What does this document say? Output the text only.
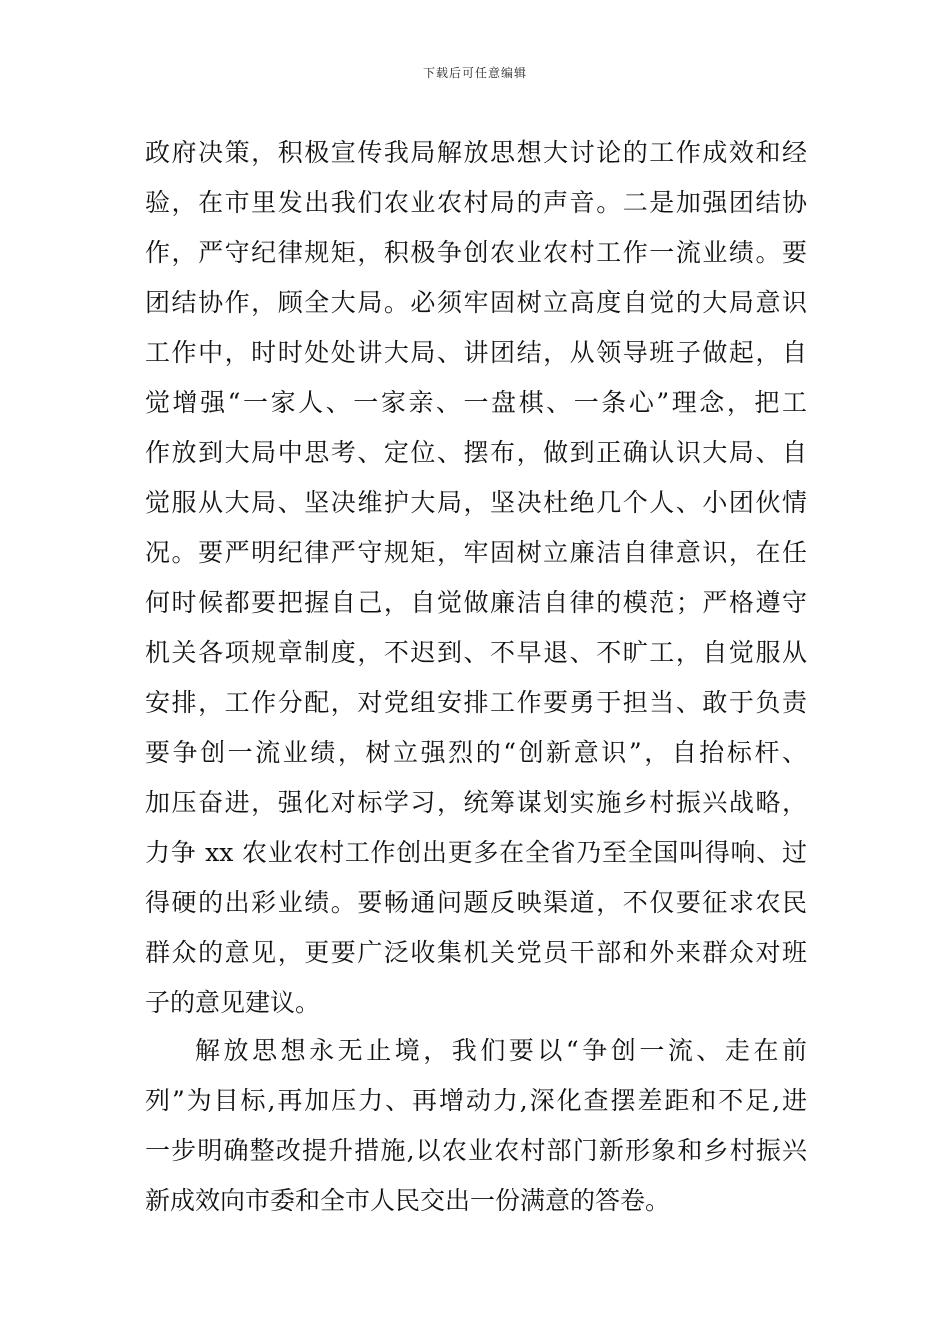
下载后可任意编辑
政府决策，积极宣传我局解放思想大讨论的工作成效和经
验，在市里发出我们农业农村局的声音。二是加强团结协
作，严守纪律规矩，积极争创农业农村工作一流业绩。要
团结协作，顾全大局。必须牢固树立高度自觉的大局意识
工作中，时时处处讲大局、讲团结，从领导班子做起，自
觉增强“一家人、一家亲、一盘棋、一条心”理念，把工
作放到大局中思考、定位、摆布，做到正确认识大局、自
觉服从大局、坚决维护大局，坚决杜绝几个人、小团伙情
况。要严明纪律严守规矩，牢固树立廉洁自律意识，在任
何时候都要把握自己，自觉做廉洁自律的模范；严格遵守
机关各项规章制度，不迟到、不早退、不旷工，自觉服从
安排，工作分配，对党组安排工作要勇于担当、敢于负责
要争创一流业绩，树立强烈的“创新意识”，自抬标杆、
加压奋进，强化对标学习，统筹谋划实施乡村振兴战略，
力争 xx 农业农村工作创出更多在全省乃至全国叫得响、过
得硬的出彩业绩。要畅通问题反映渠道，不仅要征求农民
群众的意见，更要广泛收集机关党员干部和外来群众对班
子的意见建议。
解放思想永无止境，我们要以“争创一流、走在前
列”为目标,再加压力、再增动力,深化查摆差距和不足,进
一步明确整改提升措施,以农业农村部门新形象和乡村振兴
新成效向市委和全市人民交出一份满意的答卷。
